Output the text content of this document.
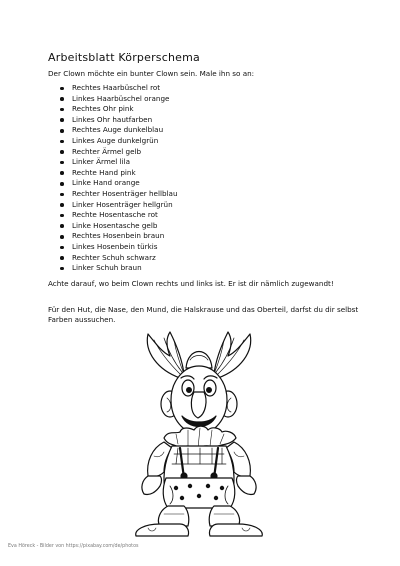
Arbeitsblatt Körperschema
Der Clown möchte ein bunter Clown sein. Male ihn so an:
Rechtes Haarbüschel rot
Linkes Haarbüschel orange
Rechtes Ohr pink
Linkes Ohr hautfarben
Rechtes Auge dunkelblau
Linkes Auge dunkelgrün
Rechter Ärmel gelb
Linker Ärmel lila
Rechte Hand pink
Linke Hand orange
Rechter Hosenträger hellblau
Linker Hosenträger hellgrün
Rechte Hosentasche rot
Linke Hosentasche gelb
Rechtes Hosenbein braun
Linkes Hosenbein türkis
Rechter Schuh schwarz
Linker Schuh braun
Achte darauf, wo beim Clown rechts und links ist. Er ist dir nämlich zugewandt!
Für den Hut, die Nase, den Mund, die Halskrause und das Oberteil, darfst du dir selbst Farben aussuchen.
Eva Höreck - Bilder von https://pixabay.com/de/photos
